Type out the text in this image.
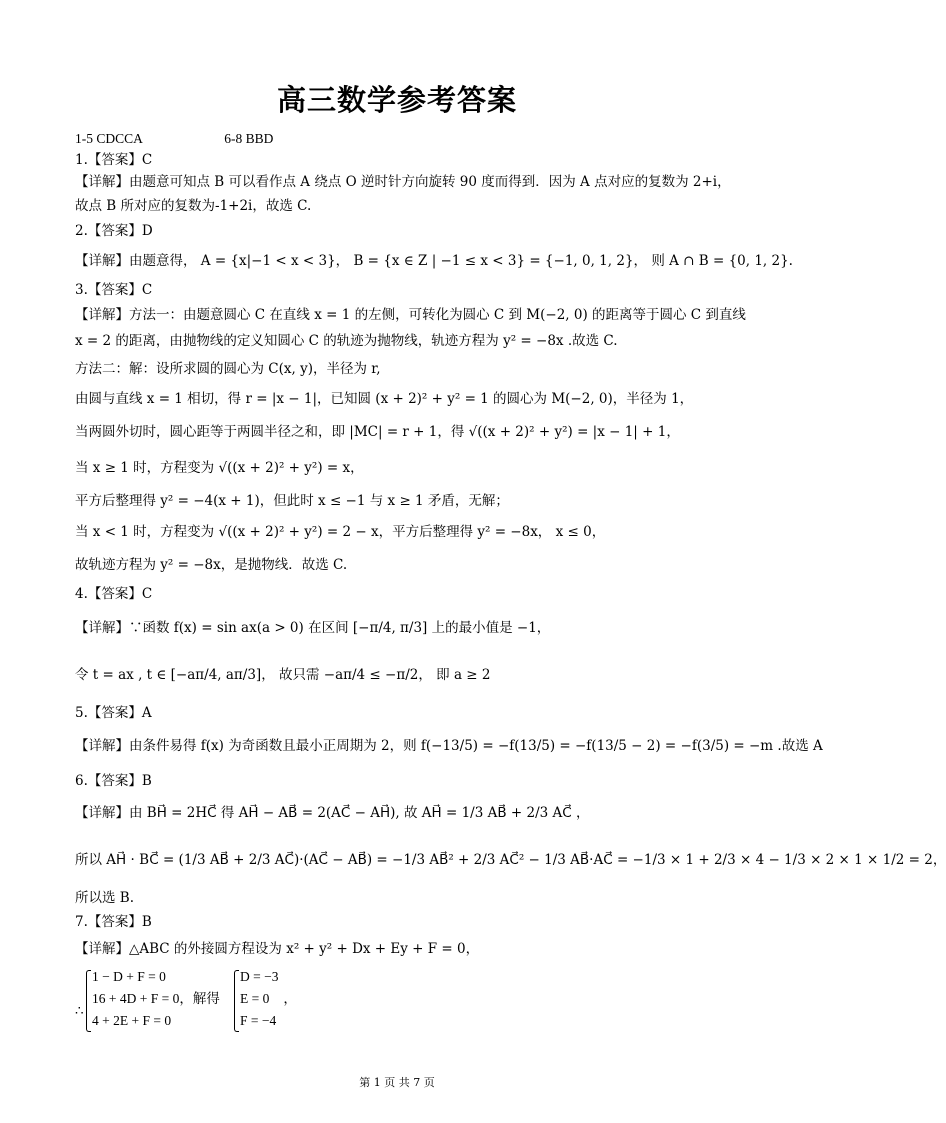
高三数学参考答案
1-5 CDCCA	6-8 BBD
1.【答案】C
【详解】由题意可知点 B 可以看作点 A 绕点 O 逆时针方向旋转 90 度而得到．因为 A 点对应的复数为 2+i，
故点 B 所对应的复数为-1+2i，故选 C.
2.【答案】D
【详解】由题意得， A = {x|−1 < x < 3}， B = {x ∈ Z | −1 ≤ x < 3} = {−1, 0, 1, 2}， 则 A ∩ B = {0, 1, 2}.
3.【答案】C
【详解】方法一：由题意圆心 C 在直线 x = 1 的左侧，可转化为圆心 C 到 M(−2, 0) 的距离等于圆心 C 到直线
x = 2 的距离，由抛物线的定义知圆心 C 的轨迹为抛物线，轨迹方程为 y² = −8x .故选 C.
方法二：解：设所求圆的圆心为 C(x, y)，半径为 r,
由圆与直线 x = 1 相切，得 r = |x − 1|，已知圆 (x + 2)² + y² = 1 的圆心为 M(−2, 0)，半径为 1，
当两圆外切时，圆心距等于两圆半径之和，即 |MC| = r + 1，得 √((x + 2)² + y²) = |x − 1| + 1，
当 x ≥ 1 时，方程变为 √((x + 2)² + y²) = x，
平方后整理得 y² = −4(x + 1)，但此时 x ≤ −1 与 x ≥ 1 矛盾，无解；
当 x < 1 时，方程变为 √((x + 2)² + y²) = 2 − x，平方后整理得 y² = −8x， x ≤ 0，
故轨迹方程为 y² = −8x，是抛物线．故选 C.
4.【答案】C
【详解】∵函数 f(x) = sin ax(a > 0) 在区间 [−π/4, π/3] 上的最小值是 −1，
令 t = ax , t ∈ [−aπ/4, aπ/3]， 故只需 −aπ/4 ≤ −π/2， 即 a ≥ 2
5.【答案】A
【详解】由条件易得 f(x) 为奇函数且最小正周期为 2，则 f(−13/5) = −f(13/5) = −f(13/5 − 2) = −f(3/5) = −m .故选 A
6.【答案】B
【详解】由 BH⃗ = 2HC⃗ 得 AH⃗ − AB⃗ = 2(AC⃗ − AH⃗), 故 AH⃗ = 1/3 AB⃗ + 2/3 AC⃗ ，
所以 AH⃗ · BC⃗ = (1/3 AB⃗ + 2/3 AC⃗)·(AC⃗ − AB⃗) = −1/3 AB⃗² + 2/3 AC⃗² − 1/3 AB⃗·AC⃗ = −1/3 × 1 + 2/3 × 4 − 1/3 × 2 × 1 × 1/2 = 2，
所以选 B.
7.【答案】B
【详解】△ABC 的外接圆方程设为 x² + y² + Dx + Ey + F = 0，
∴
1 − D + F = 0
16 + 4D + F = 0，解得
4 + 2E + F = 0
D = −3
E = 0 ，
F = −4
第 1 页 共 7 页
